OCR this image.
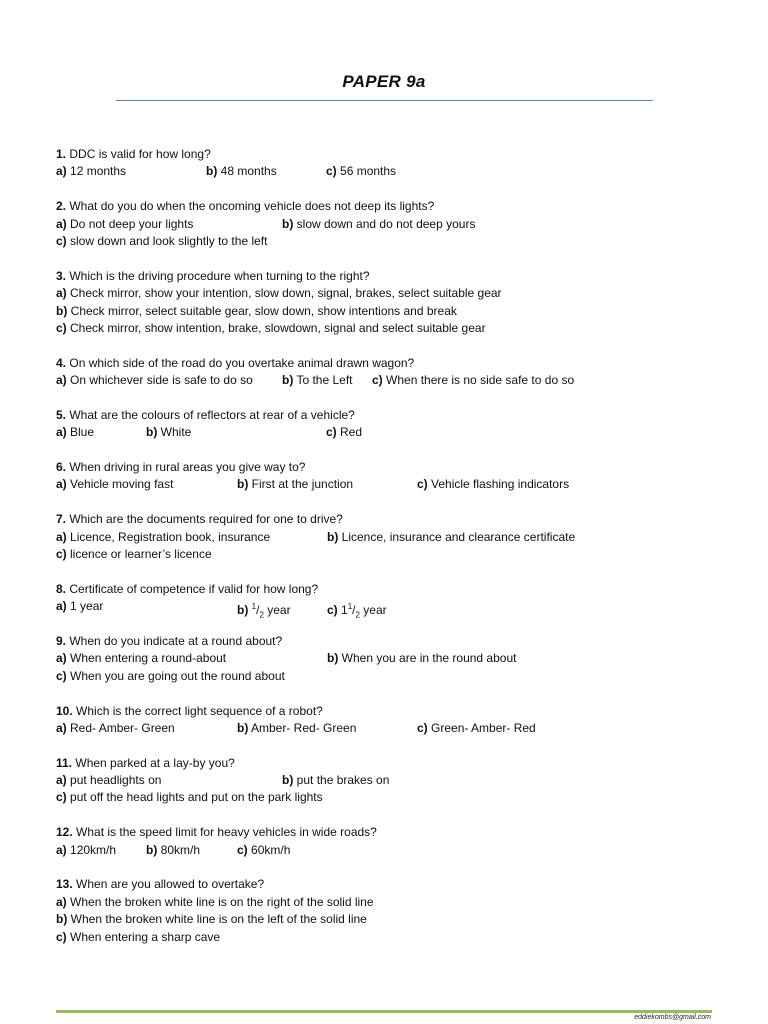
PAPER 9a
1. DDC is valid for how long?
a) 12 months	b) 48 months	c) 56 months
2. What do you do when the oncoming vehicle does not deep its lights?
a) Do not deep your lights	b) slow down and do not deep yours
c) slow down and look slightly to the left
3. Which is the driving procedure when turning to the right?
a) Check mirror, show your intention, slow down, signal, brakes, select suitable gear
b) Check mirror, select suitable gear, slow down, show intentions and break
c) Check mirror, show intention, brake, slowdown, signal and select suitable gear
4. On which side of the road do you overtake animal drawn wagon?
a) On whichever side is safe to do so b) To the Left c) When there is no side safe to do so
5. What are the colours of reflectors at rear of a vehicle?
a) Blue	b) White	c) Red
6. When driving in rural areas you give way to?
a) Vehicle moving fast	b) First at the junction	c) Vehicle flashing indicators
7. Which are the documents required for one to drive?
a) Licence, Registration book, insurance	b) Licence, insurance and clearance certificate
c) licence or learner’s licence
8. Certificate of competence if valid for how long?
a) 1 year	b) $^1/_2$ year	c) $1^1/_2$ year
9. When do you indicate at a round about?
a) When entering a round-about	b) When you are in the round about
c) When you are going out the round about
10. Which is the correct light sequence of a robot?
a) Red- Amber- Green	b) Amber- Red- Green	c) Green- Amber- Red
11. When parked at a lay-by you?
a) put headlights on	b) put the brakes on
c) put off the head lights and put on the park lights
12. What is the speed limit for heavy vehicles in wide roads?
a) 120km/h b) 80km/h	c) 60km/h
13. When are you allowed to overtake?
a) When the broken white line is on the right of the solid line
b) When the broken white line is on the left of the solid line
c) When entering a sharp cave
eddiekombs@gmail.com
